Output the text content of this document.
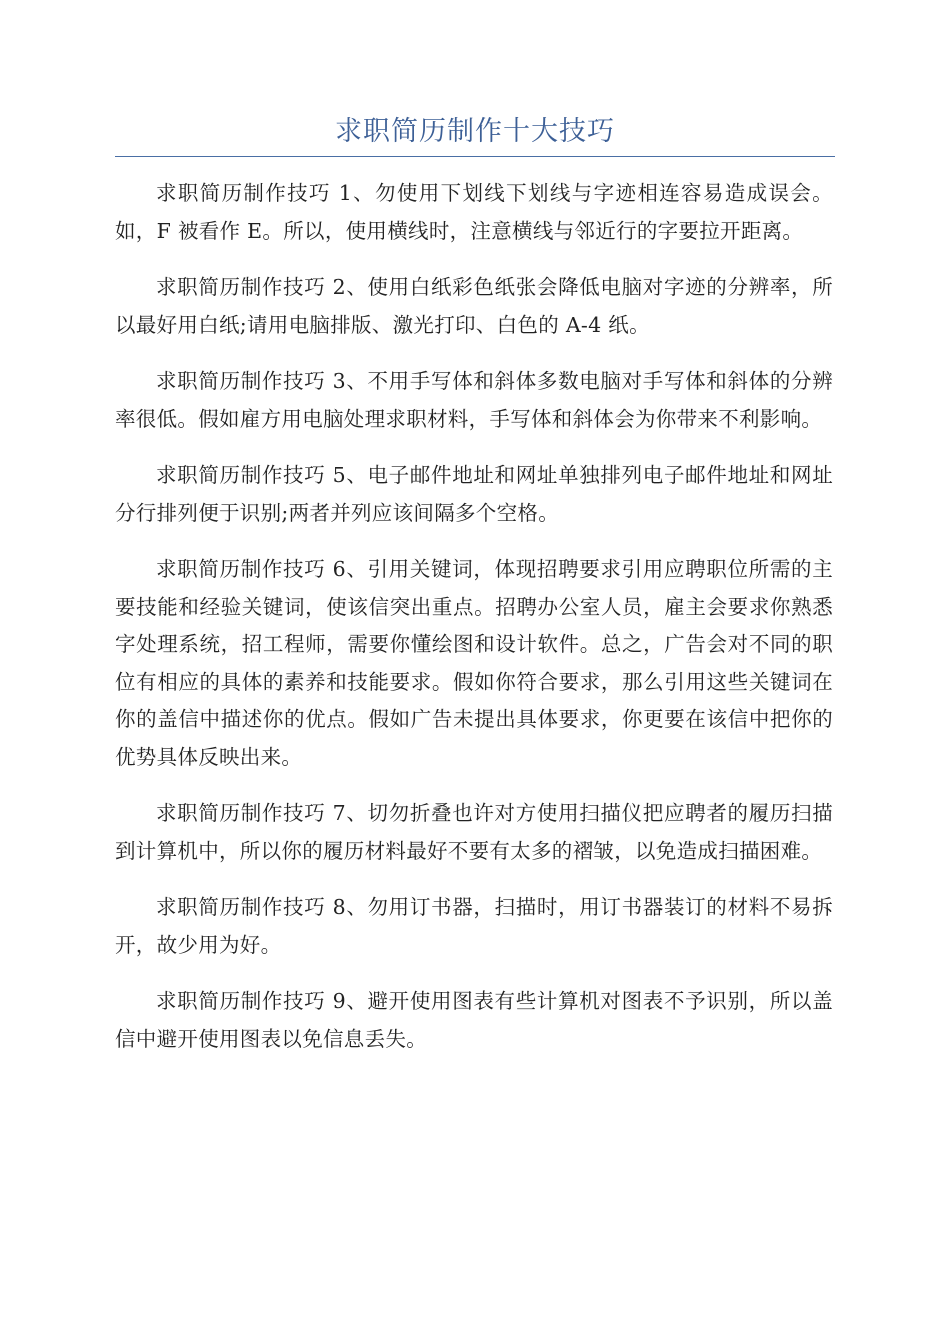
求职简历制作十大技巧

求职简历制作技巧 1、勿使用下划线下划线与字迹相连容易造成误会。如，F 被看作 E。所以，使用横线时，注意横线与邻近行的字要拉开距离。

求职简历制作技巧 2、使用白纸彩色纸张会降低电脑对字迹的分辨率，所以最好用白纸;请用电脑排版、激光打印、白色的 A-4 纸。

求职简历制作技巧 3、不用手写体和斜体多数电脑对手写体和斜体的分辨率很低。假如雇方用电脑处理求职材料，手写体和斜体会为你带来不利影响。

求职简历制作技巧 5、电子邮件地址和网址单独排列电子邮件地址和网址分行排列便于识别;两者并列应该间隔多个空格。

求职简历制作技巧 6、引用关键词，体现招聘要求引用应聘职位所需的主要技能和经验关键词，使该信突出重点。招聘办公室人员，雇主会要求你熟悉字处理系统，招工程师，需要你懂绘图和设计软件。总之，广告会对不同的职位有相应的具体的素养和技能要求。假如你符合要求，那么引用这些关键词在你的盖信中描述你的优点。假如广告未提出具体要求，你更要在该信中把你的优势具体反映出来。

求职简历制作技巧 7、切勿折叠也许对方使用扫描仪把应聘者的履历扫描到计算机中，所以你的履历材料最好不要有太多的褶皱，以免造成扫描困难。

求职简历制作技巧 8、勿用订书器，扫描时，用订书器装订的材料不易拆开，故少用为好。

求职简历制作技巧 9、避开使用图表有些计算机对图表不予识别，所以盖信中避开使用图表以免信息丢失。
